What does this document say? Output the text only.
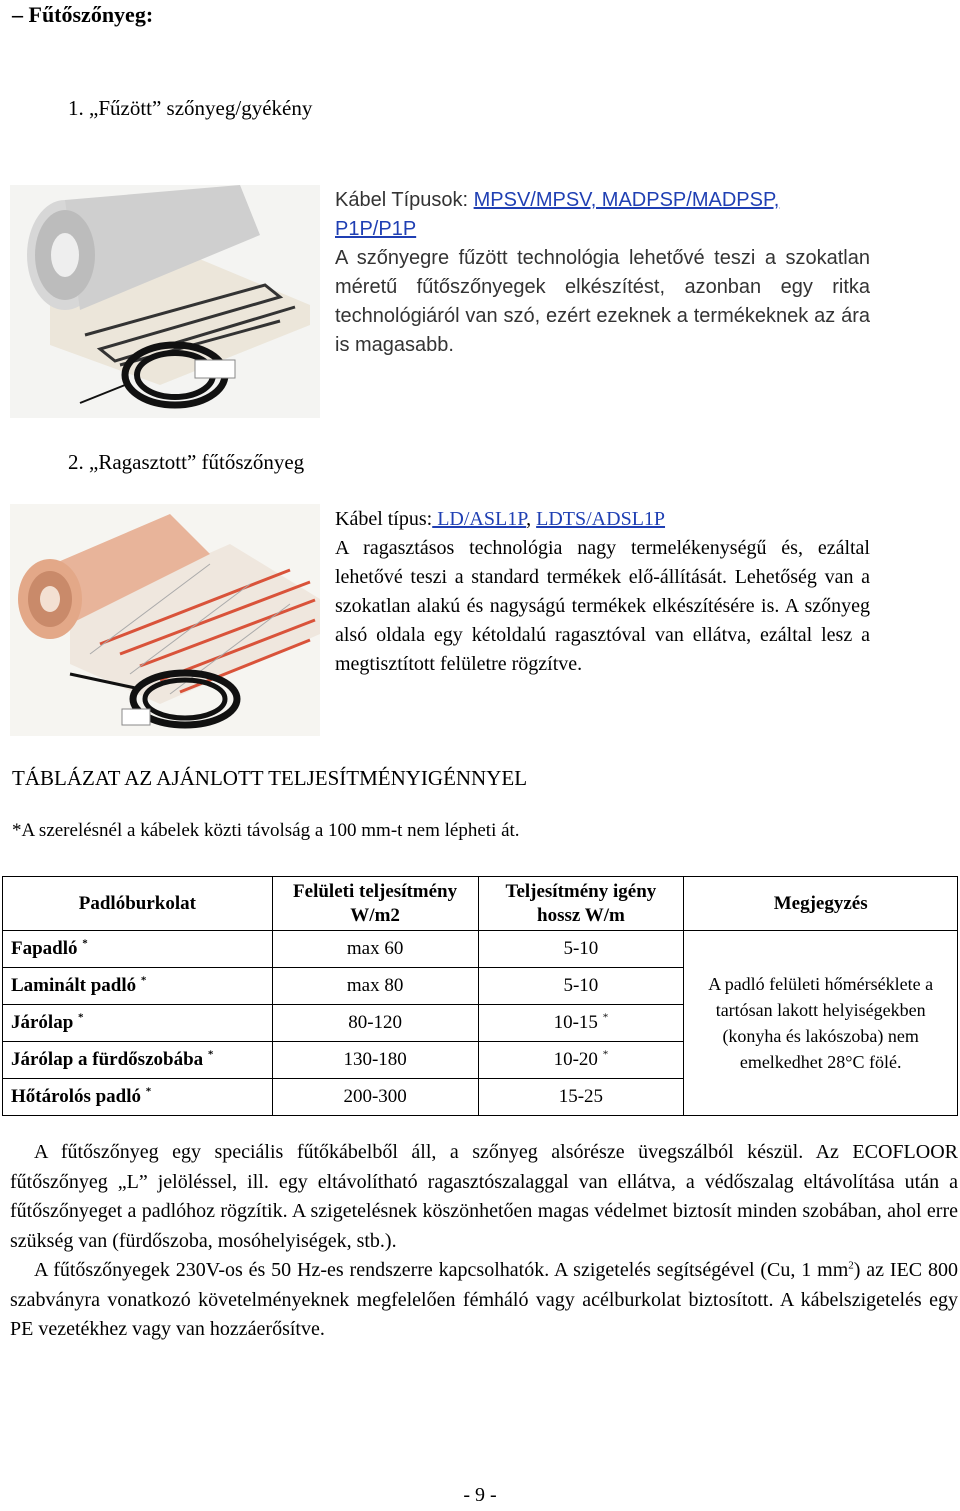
– Fűtőszőnyeg:
1. „Fűzött” szőnyeg/gyékény
Kábel Típusok: MPSV/MPSV, MADPSP/MADPSP,
P1P/P1P
A szőnyegre fűzött technológia lehetővé teszi a szokatlan méretű fűtőszőnyegek elkészítést, azonban egy ritka technológiáról van szó, ezért ezeknek a termékeknek az ára is magasabb.
2. „Ragasztott” fűtőszőnyeg
Kábel típus: LD/ASL1P, LDTS/ADSL1P
A ragasztásos technológia nagy termelékenységű és, ezáltal lehetővé teszi a standard termékek elő-állítását. Lehetőség van a szokatlan alakú és nagyságú termékek elkészítésére is. A szőnyeg alsó oldala egy kétoldalú ragasztóval van ellátva, ezáltal lesz a megtisztított felületre rögzítve.
TÁBLÁZAT AZ AJÁNLOTT TELJESÍTMÉNYIGÉNNYEL
*A szerelésnél a kábelek közti távolság a 100 mm-t nem lépheti át.
Padlóburkolat	Felületi teljesítmény W/m2	Teljesítmény igény hossz W/m	Megjegyzés
Fapadló *	max 60	5-10	A padló felületi hőmérséklete a tartósan lakott helyiségekben (konyha és lakószoba) nem emelkedhet 28°C fölé.
Laminált padló *	max 80	5-10	
Járólap *	80-120	10-15 *
Járólap a fürdőszobába *	130-180	10-20 *
Hőtárolós padló *	200-300	15-25	

A fűtőszőnyeg egy speciális fűtőkábelből áll, a szőnyeg alsórésze üvegszálból készül. Az ECOFLOOR fűtőszőnyeg „L” jelöléssel, ill. egy eltávolítható ragasztószalaggal van ellátva, a védőszalag eltávolítása után a fűtőszőnyeget a padlóhoz rögzítik. A szigetelésnek köszönhetően magas védelmet biztosít minden szobában, ahol erre szükség van (fürdőszoba, mosóhelyiségek, stb.).

A fűtőszőnyegek 230V-os és 50 Hz-es rendszerre kapcsolhatók. A szigetelés segítségével (Cu, 1 $mm^2$) az IEC 800 szabványra vonatkozó követelményeknek megfelelően fémháló vagy acélburkolat biztosított. A kábelszigetelés egy PE vezetékhez vagy van hozzáerősítve.

- 9 -
